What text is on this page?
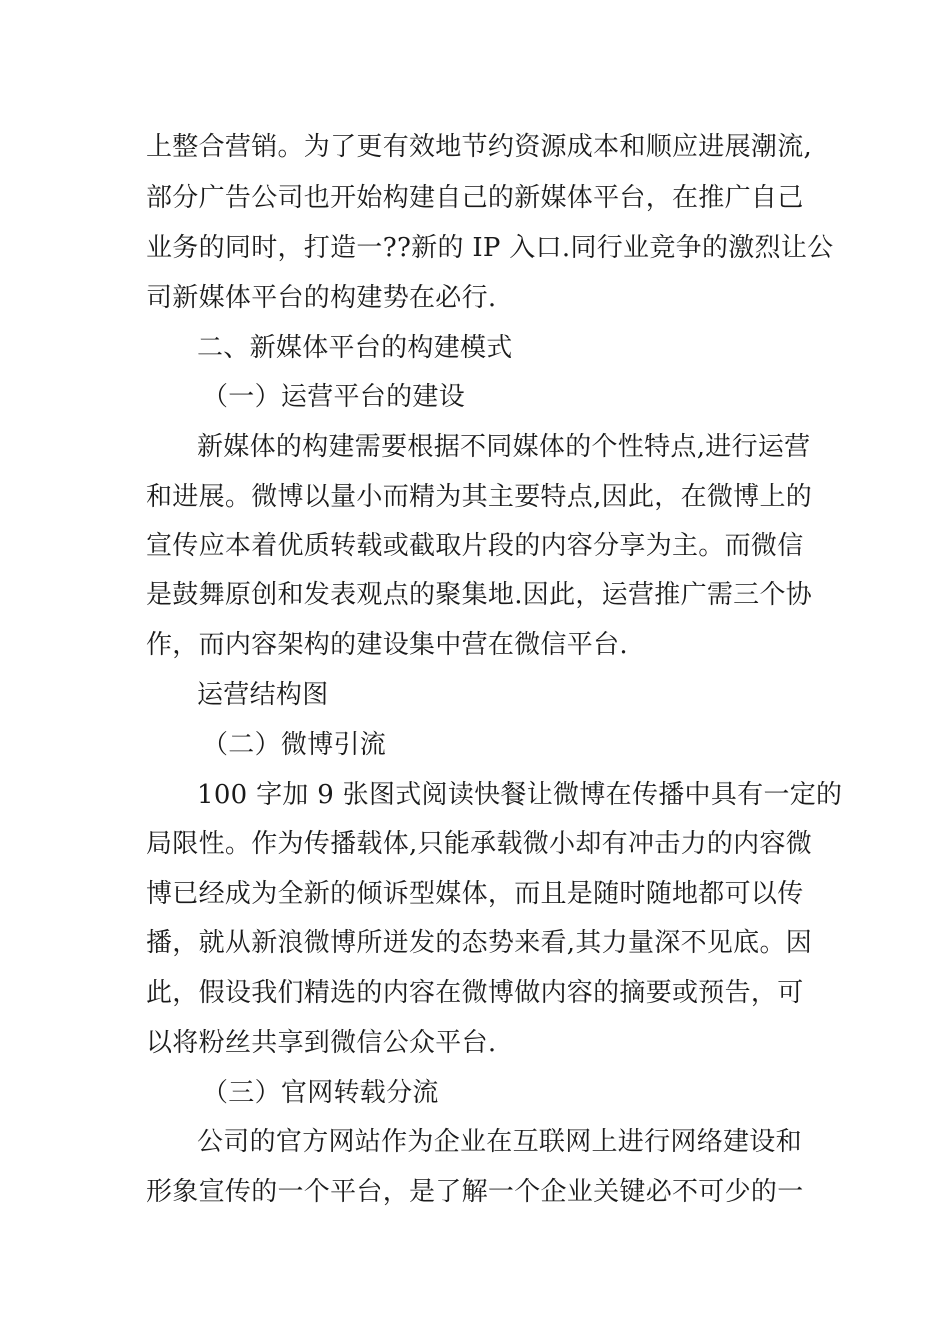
上整合营销。为了更有效地节约资源成本和顺应进展潮流,
部分广告公司也开始构建自己的新媒体平台，在推广自己
业务的同时，打造一??新的 IP 入口.同行业竞争的激烈让公
司新媒体平台的构建势在必行.
二、新媒体平台的构建模式
（一）运营平台的建设
新媒体的构建需要根据不同媒体的个性特点,进行运营
和进展。微博以量小而精为其主要特点,因此，在微博上的
宣传应本着优质转载或截取片段的内容分享为主。而微信
是鼓舞原创和发表观点的聚集地.因此，运营推广需三个协
作，而内容架构的建设集中营在微信平台.
运营结构图
（二）微博引流
100 字加 9 张图式阅读快餐让微博在传播中具有一定的
局限性。作为传播载体,只能承载微小却有冲击力的内容微
博已经成为全新的倾诉型媒体，而且是随时随地都可以传
播，就从新浪微博所迸发的态势来看,其力量深不见底。因
此，假设我们精选的内容在微博做内容的摘要或预告，可
以将粉丝共享到微信公众平台.
（三）官网转载分流
公司的官方网站作为企业在互联网上进行网络建设和
形象宣传的一个平台，是了解一个企业关键必不可少的一
